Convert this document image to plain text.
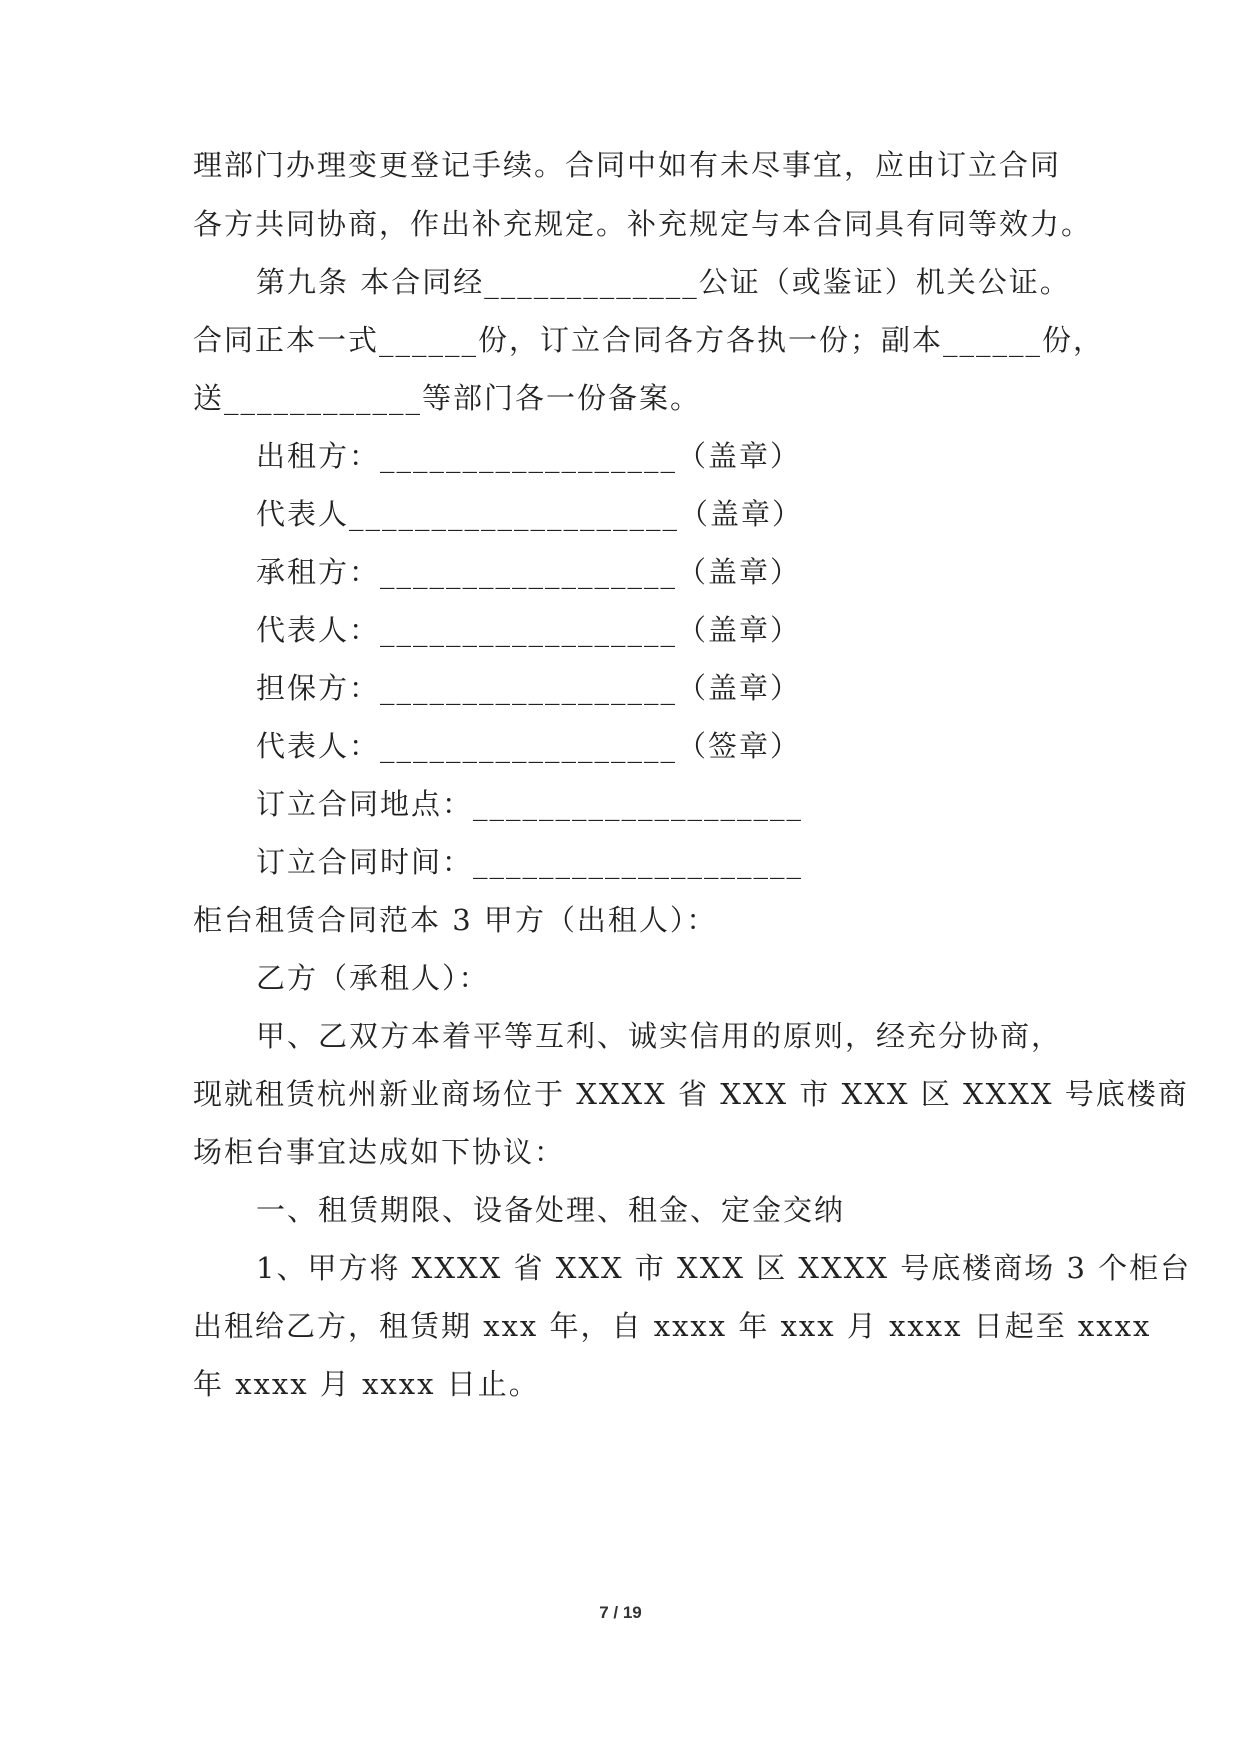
理部门办理变更登记手续。合同中如有未尽事宜，应由订立合同
各方共同协商，作出补充规定。补充规定与本合同具有同等效力。
第九条 本合同经_____________公证（或鉴证）机关公证。
合同正本一式______份，订立合同各方各执一份；副本______份，
送____________等部门各一份备案。
出租方：__________________（盖章）
代表人____________________（盖章）
承租方：__________________（盖章）
代表人：__________________（盖章）
担保方：__________________（盖章）
代表人：__________________（签章）
订立合同地点：____________________
订立合同时间：____________________
柜台租赁合同范本 3 甲方（出租人）：
乙方（承租人）：
甲、乙双方本着平等互利、诚实信用的原则，经充分协商，
现就租赁杭州新业商场位于 XXXX 省 XXX 市 XXX 区 XXXX 号底楼商
场柜台事宜达成如下协议：
一、租赁期限、设备处理、租金、定金交纳
1、甲方将 XXXX 省 XXX 市 XXX 区 XXXX 号底楼商场 3 个柜台
出租给乙方，租赁期 xxx 年，自 xxxx 年 xxx 月 xxxx 日起至 xxxx
年 xxxx 月 xxxx 日止。
7 / 19
